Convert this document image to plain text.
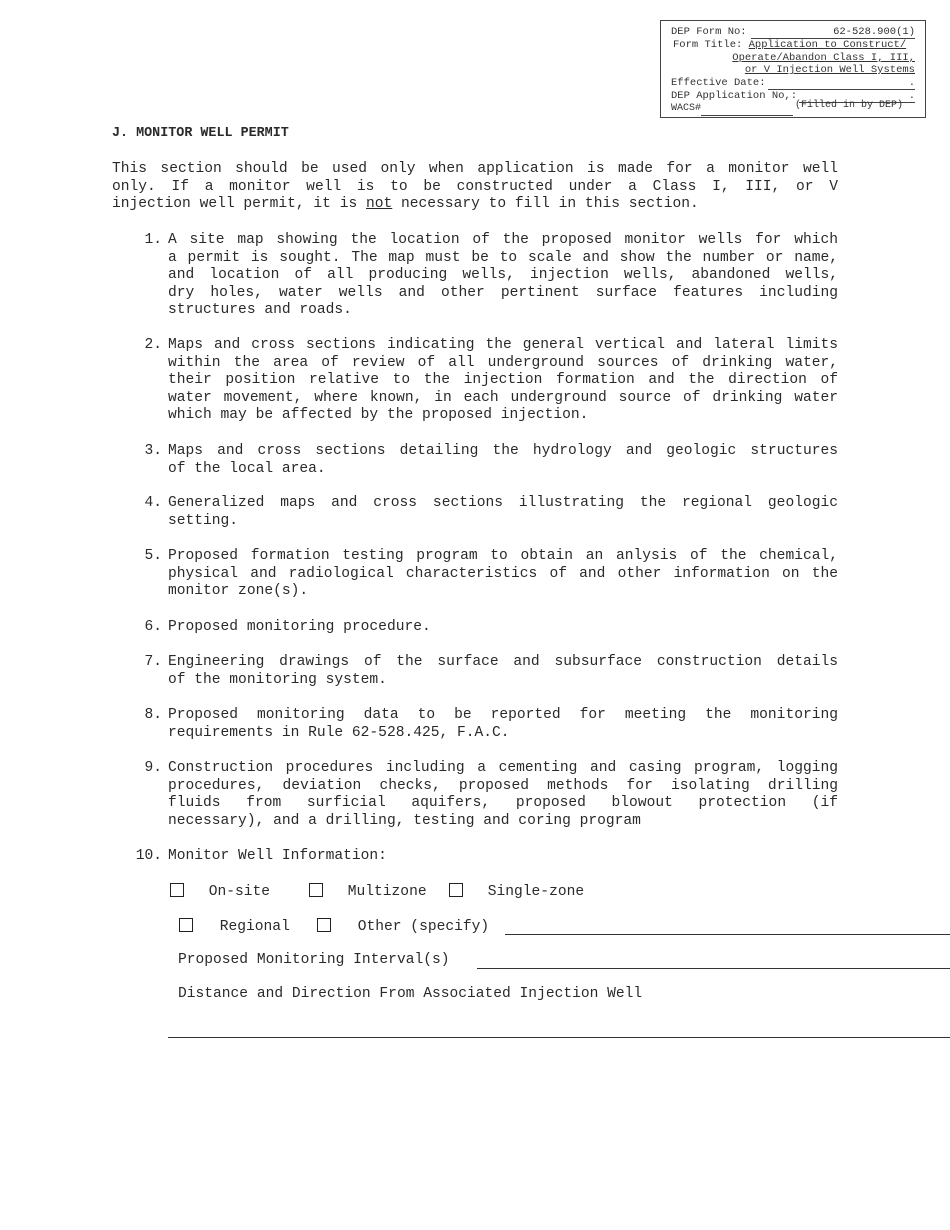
DEP Form No:	62-528.900(1)
Form Title: Application to Construct/
Operate/Abandon Class I, III,
or V Injection Well Systems
Effective Date:	.
DEP Application No,:	.
WACS#	(Filled in by DEP)
J. MONITOR WELL PERMIT
This section should be used only when application is made for a monitor well
only. If a monitor well is to be constructed under a Class I, III, or V
injection well permit, it is not necessary to fill in this section.
1. A site map showing the location of the proposed monitor wells for which
a permit is sought. The map must be to scale and show the number or name,
and location of all producing wells, injection wells, abandoned wells,
dry holes, water wells and other pertinent surface features including
structures and roads.
2. Maps and cross sections indicating the general vertical and lateral limits
within the area of review of all underground sources of drinking water,
their position relative to the injection formation and the direction of
water movement, where known, in each underground source of drinking water
which may be affected by the proposed injection.
3. Maps and cross sections detailing the hydrology and geologic structures
of the local area.
4. Generalized maps and cross sections illustrating the regional geologic
setting.
5. Proposed formation testing program to obtain an anlysis of the chemical,
physical and radiological characteristics of and other information on the
monitor zone(s).
6. Proposed monitoring procedure.
7. Engineering drawings of the surface and subsurface construction details
of the monitoring system.
8. Proposed monitoring data to be reported for meeting the monitoring
requirements in Rule 62-528.425, F.A.C.
9. Construction procedures including a cementing and casing program, logging
procedures, deviation checks, proposed methods for isolating drilling
fluids from surficial aquifers, proposed blowout protection (if
necessary), and a drilling, testing and coring program
10. Monitor Well Information:
On-site	Multizone	Single-zone
Regional	Other (specify)
Proposed Monitoring Interval(s)
Distance and Direction From Associated Injection Well
